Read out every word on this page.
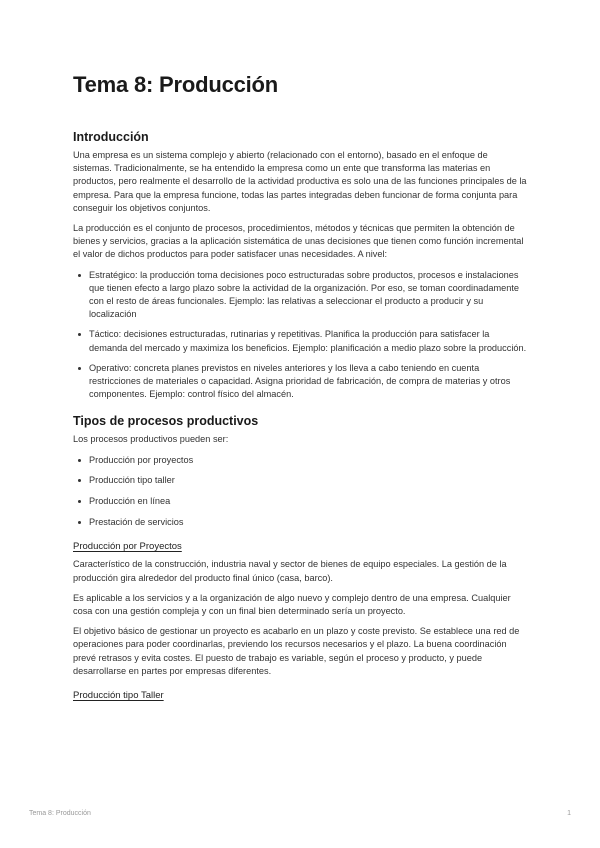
Tema 8: Producción
Introducción

Una empresa es un sistema complejo y abierto (relacionado con el entorno), basado en el enfoque de sistemas. Tradicionalmente, se ha entendido la empresa como un ente que transforma las materias en productos, pero realmente el desarrollo de la actividad productiva es solo una de las funciones principales de la empresa. Para que la empresa funcione, todas las partes integradas deben funcionar de forma conjunta para conseguir los objetivos conjuntos.

La producción es el conjunto de procesos, procedimientos, métodos y técnicas que permiten la obtención de bienes y servicios, gracias a la aplicación sistemática de unas decisiones que tienen como función incremental el valor de dichos productos para poder satisfacer unas necesidades. A nivel:

Estratégico: la producción toma decisiones poco estructuradas sobre productos, procesos e instalaciones que tienen efecto a largo plazo sobre la actividad de la organización. Por eso, se toman coordinadamente con el resto de áreas funcionales. Ejemplo: las relativas a seleccionar el producto a producir y su localización
Táctico: decisiones estructuradas, rutinarias y repetitivas. Planifica la producción para satisfacer la demanda del mercado y maximiza los beneficios. Ejemplo: planificación a medio plazo sobre la producción.
Operativo: concreta planes previstos en niveles anteriores y los lleva a cabo teniendo en cuenta restricciones de materiales o capacidad. Asigna prioridad de fabricación, de compra de materias y otros componentes. Ejemplo: control físico del almacén.
Tipos de procesos productivos

Los procesos productivos pueden ser:

Producción por proyectos
Producción tipo taller
Producción en línea
Prestación de servicios
Producción por Proyectos

Característico de la construcción, industria naval y sector de bienes de equipo especiales. La gestión de la producción gira alrededor del producto final único (casa, barco).

Es aplicable a los servicios y a la organización de algo nuevo y complejo dentro de una empresa. Cualquier cosa con una gestión compleja y con un final bien determinado sería un proyecto.

El objetivo básico de gestionar un proyecto es acabarlo en un plazo y coste previsto. Se establece una red de operaciones para poder coordinarlas, previendo los recursos necesarios y el plazo. La buena coordinación prevé retrasos y evita costes. El puesto de trabajo es variable, según el proceso y producto, y puede desarrollarse en partes por empresas diferentes.

Producción tipo Taller
Tema 8: Producción	1
